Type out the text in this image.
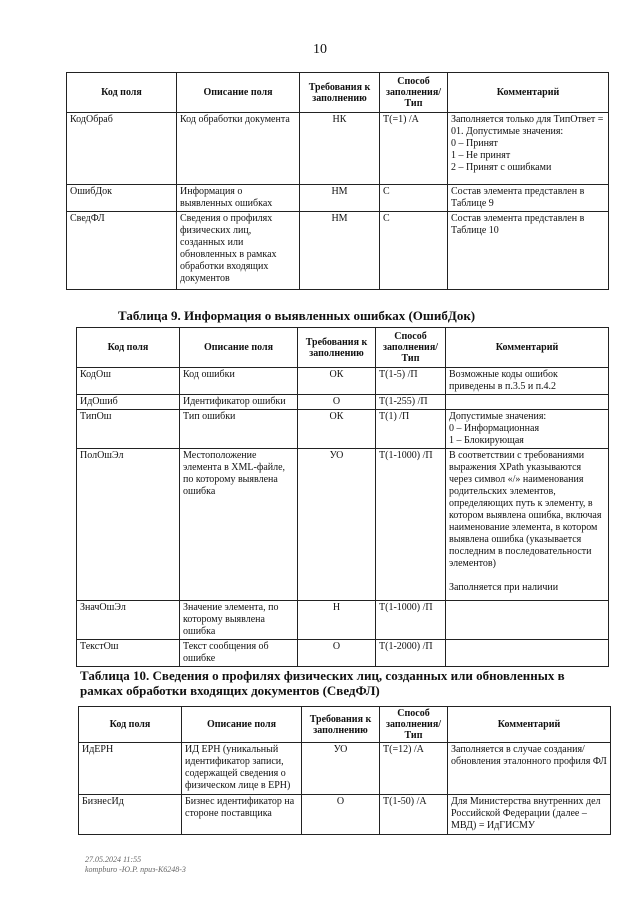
10
Код поля	Описание поля	Требования к заполнению	Способ заполнения/ Тип	Комментарий
КодОбраб	Код обработки документа	НК	Т(=1) /А	Заполняется только для ТипОтвет = 01. Допустимые значения:
0 – Принят
1 – Не принят
2 – Принят с ошибками
ОшибДок	Информация о выявленных ошибках	НМ	С	Состав элемента представлен в Таблице 9
СведФЛ	Сведения о профилях физических лиц, созданных или обновленных в рамках обработки входящих документов	НМ	С	Состав элемента представлен в Таблице 10
Таблица 9. Информация о выявленных ошибках (ОшибДок)
Код поля	Описание поля	Требования к заполнению	Способ заполнения/ Тип	Комментарий
КодОш	Код ошибки	ОК	Т(1-5) /П	Возможные коды ошибок приведены в п.3.5 и п.4.2
ИдОшиб	Идентификатор ошибки	О	Т(1-255) /П	
ТипОш	Тип ошибки	ОК	Т(1) /П	Допустимые значения:
0 – Информационная
1 – Блокирующая
ПолОшЭл	Местоположение элемента в XML-файле, по которому выявлена ошибка	УО	Т(1-1000) /П	В соответствии с требованиями выражения XPath указываются через символ «/» наименования родительских элементов, определяющих путь к элементу, в котором выявлена ошибка, включая наименование элемента, в котором выявлена ошибка (указывается последним в последовательности элементов)

Заполняется при наличии
ЗначОшЭл	Значение элемента, по которому выявлена ошибка	Н	Т(1-1000) /П	
ТекстОш	Текст сообщения об ошибке	О	Т(1-2000) /П	
Таблица 10. Сведения о профилях физических лиц, созданных или обновленных в рамках обработки входящих документов (СведФЛ)
Код поля	Описание поля	Требования к заполнению	Способ заполнения/ Тип	Комментарий
ИдЕРН	ИД ЕРН (уникальный идентификатор записи, содержащей сведения о физическом лице в ЕРН)	УО	Т(=12) /А	Заполняется в случае создания/обновления эталонного профиля ФЛ
БизнесИд	Бизнес идентификатор на стороне поставщика	О	Т(1-50) /А	Для Министерства внутренних дел Российской Федерации (далее – МВД) = ИдГИСМУ
27.05.2024 11:55
kompburo -Ю.Р. приз-К6248-3
